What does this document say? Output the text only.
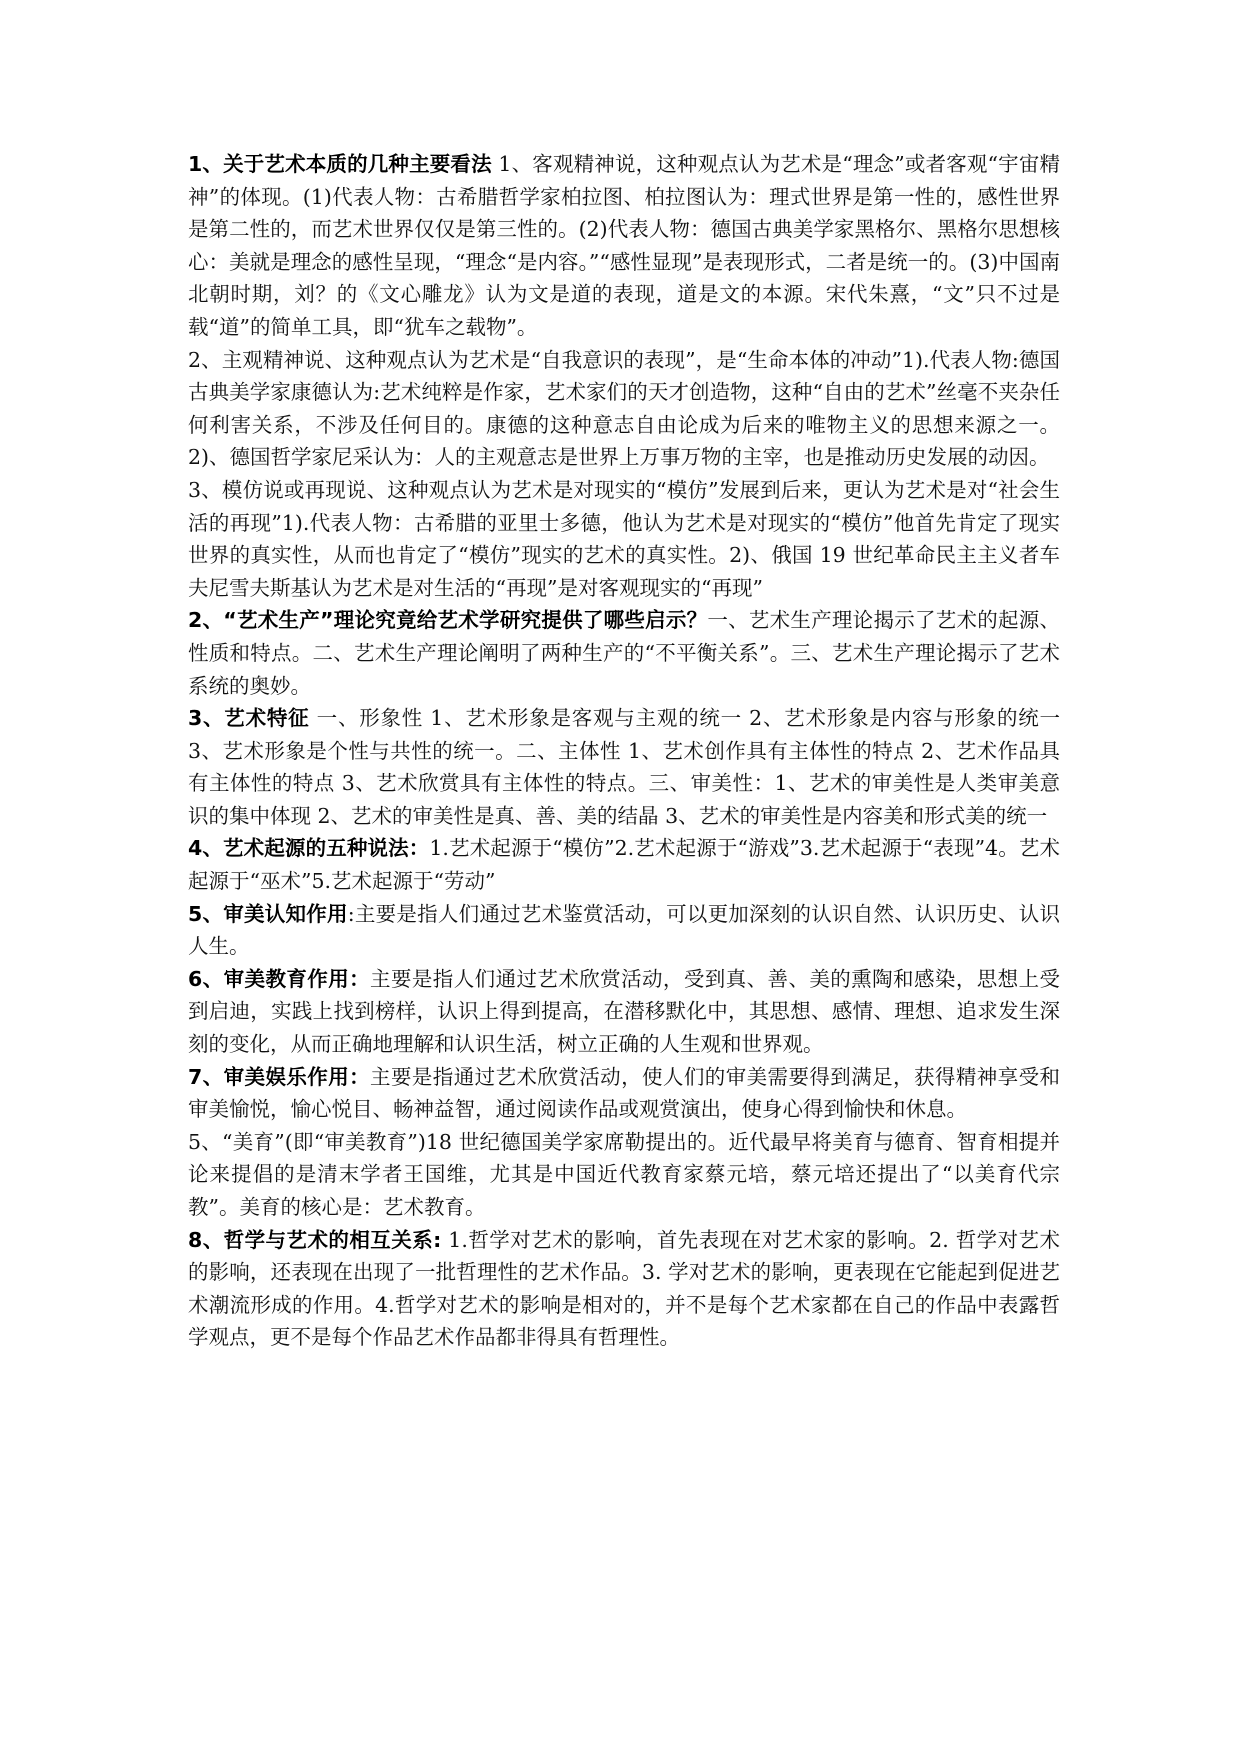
1、关于艺术本质的几种主要看法 1、客观精神说，这种观点认为艺术是“理念”或者客观“宇宙精神”的体现。(1)代表人物：古希腊哲学家柏拉图、柏拉图认为：理式世界是第一性的，感性世界是第二性的，而艺术世界仅仅是第三性的。(2)代表人物：德国古典美学家黑格尔、黑格尔思想核心：美就是理念的感性呈现，“理念“是内容。”“感性显现”是表现形式，二者是统一的。(3)中国南北朝时期，刘？的《文心雕龙》认为文是道的表现，道是文的本源。宋代朱熹，“文”只不过是载“道”的简单工具，即“犹车之载物”。

2、主观精神说、这种观点认为艺术是“自我意识的表现”，是“生命本体的冲动”1).代表人物:德国古典美学家康德认为:艺术纯粹是作家，艺术家们的天才创造物，这种“自由的艺术”丝毫不夹杂任何利害关系，不涉及任何目的。康德的这种意志自由论成为后来的唯物主义的思想来源之一。2)、德国哲学家尼采认为：人的主观意志是世界上万事万物的主宰，也是推动历史发展的动因。

3、模仿说或再现说、这种观点认为艺术是对现实的“模仿”发展到后来，更认为艺术是对“社会生活的再现”1).代表人物：古希腊的亚里士多德，他认为艺术是对现实的“模仿”他首先肯定了现实世界的真实性，从而也肯定了“模仿”现实的艺术的真实性。2)、俄国 19 世纪革命民主主义者车夫尼雪夫斯基认为艺术是对生活的“再现”是对客观现实的“再现”

2、“艺术生产”理论究竟给艺术学研究提供了哪些启示？一、艺术生产理论揭示了艺术的起源、性质和特点。二、艺术生产理论阐明了两种生产的“不平衡关系”。三、艺术生产理论揭示了艺术系统的奥妙。

3、艺术特征 一、形象性 1、艺术形象是客观与主观的统一 2、艺术形象是内容与形象的统一 3、艺术形象是个性与共性的统一。二、主体性 1、艺术创作具有主体性的特点 2、艺术作品具有主体性的特点 3、艺术欣赏具有主体性的特点。三、审美性：1、艺术的审美性是人类审美意识的集中体现 2、艺术的审美性是真、善、美的结晶 3、艺术的审美性是内容美和形式美的统一

4、艺术起源的五种说法：1.艺术起源于“模仿”2.艺术起源于“游戏”3.艺术起源于“表现”4。艺术起源于“巫术”5.艺术起源于“劳动”

5、审美认知作用:主要是指人们通过艺术鉴赏活动，可以更加深刻的认识自然、认识历史、认识人生。

6、审美教育作用：主要是指人们通过艺术欣赏活动，受到真、善、美的熏陶和感染，思想上受到启迪，实践上找到榜样，认识上得到提高，在潜移默化中，其思想、感情、理想、追求发生深刻的变化，从而正确地理解和认识生活，树立正确的人生观和世界观。

7、审美娱乐作用：主要是指通过艺术欣赏活动，使人们的审美需要得到满足，获得精神享受和审美愉悦，愉心悦目、畅神益智，通过阅读作品或观赏演出，使身心得到愉快和休息。

5、“美育”(即“审美教育”)18 世纪德国美学家席勒提出的。近代最早将美育与德育、智育相提并论来提倡的是清末学者王国维，尤其是中国近代教育家蔡元培，蔡元培还提出了“以美育代宗教”。美育的核心是：艺术教育。

8、哲学与艺术的相互关系: 1.哲学对艺术的影响，首先表现在对艺术家的影响。2. 哲学对艺术的影响，还表现在出现了一批哲理性的艺术作品。3. 学对艺术的影响，更表现在它能起到促进艺术潮流形成的作用。4.哲学对艺术的影响是相对的，并不是每个艺术家都在自己的作品中表露哲学观点，更不是每个作品艺术作品都非得具有哲理性。
